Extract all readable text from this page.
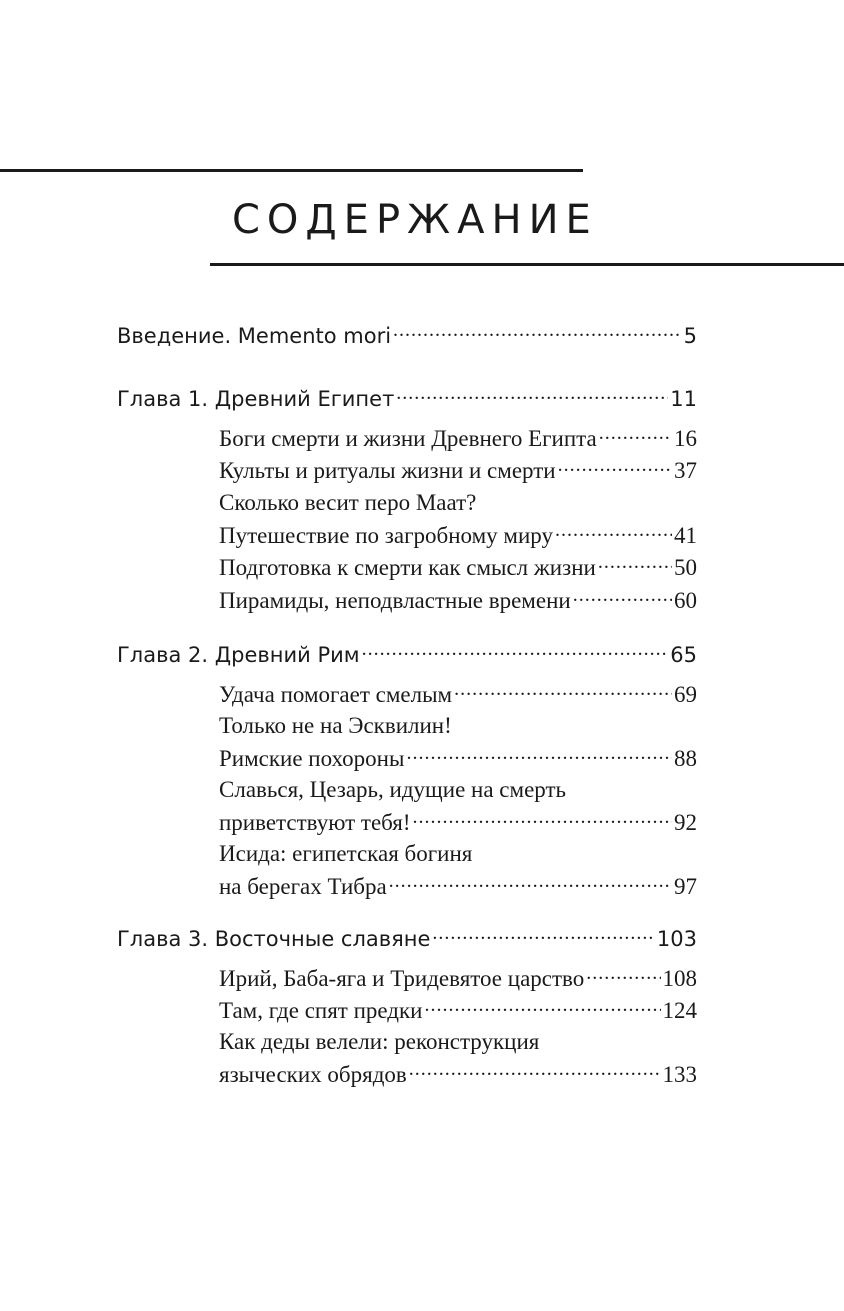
СОДЕРЖАНИЕ
Введение. Memento mori .....	5
Глава 1. Древний Египет .....	11
Боги смерти и жизни Древнего Египта .....	16
Культы и ритуалы жизни и смерти .....	37
Сколько весит перо Маат?
Путешествие по загробному миру .....	41
Подготовка к смерти как смысл жизни .....	50
Пирамиды, неподвластные времени .....	60
Глава 2. Древний Рим .....	65
Удача помогает смелым .....	69
Только не на Эсквилин!
Римские похороны .....	88
Славься, Цезарь, идущие на смерть
приветствуют тебя! .....	92
Исида: египетская богиня
на берегах Тибра .....	97
Глава 3. Восточные славяне .....	103
Ирий, Баба-яга и Тридевятое царство .....	108
Там, где спят предки .....	124
Как деды велели: реконструкция
языческих обрядов .....	133
